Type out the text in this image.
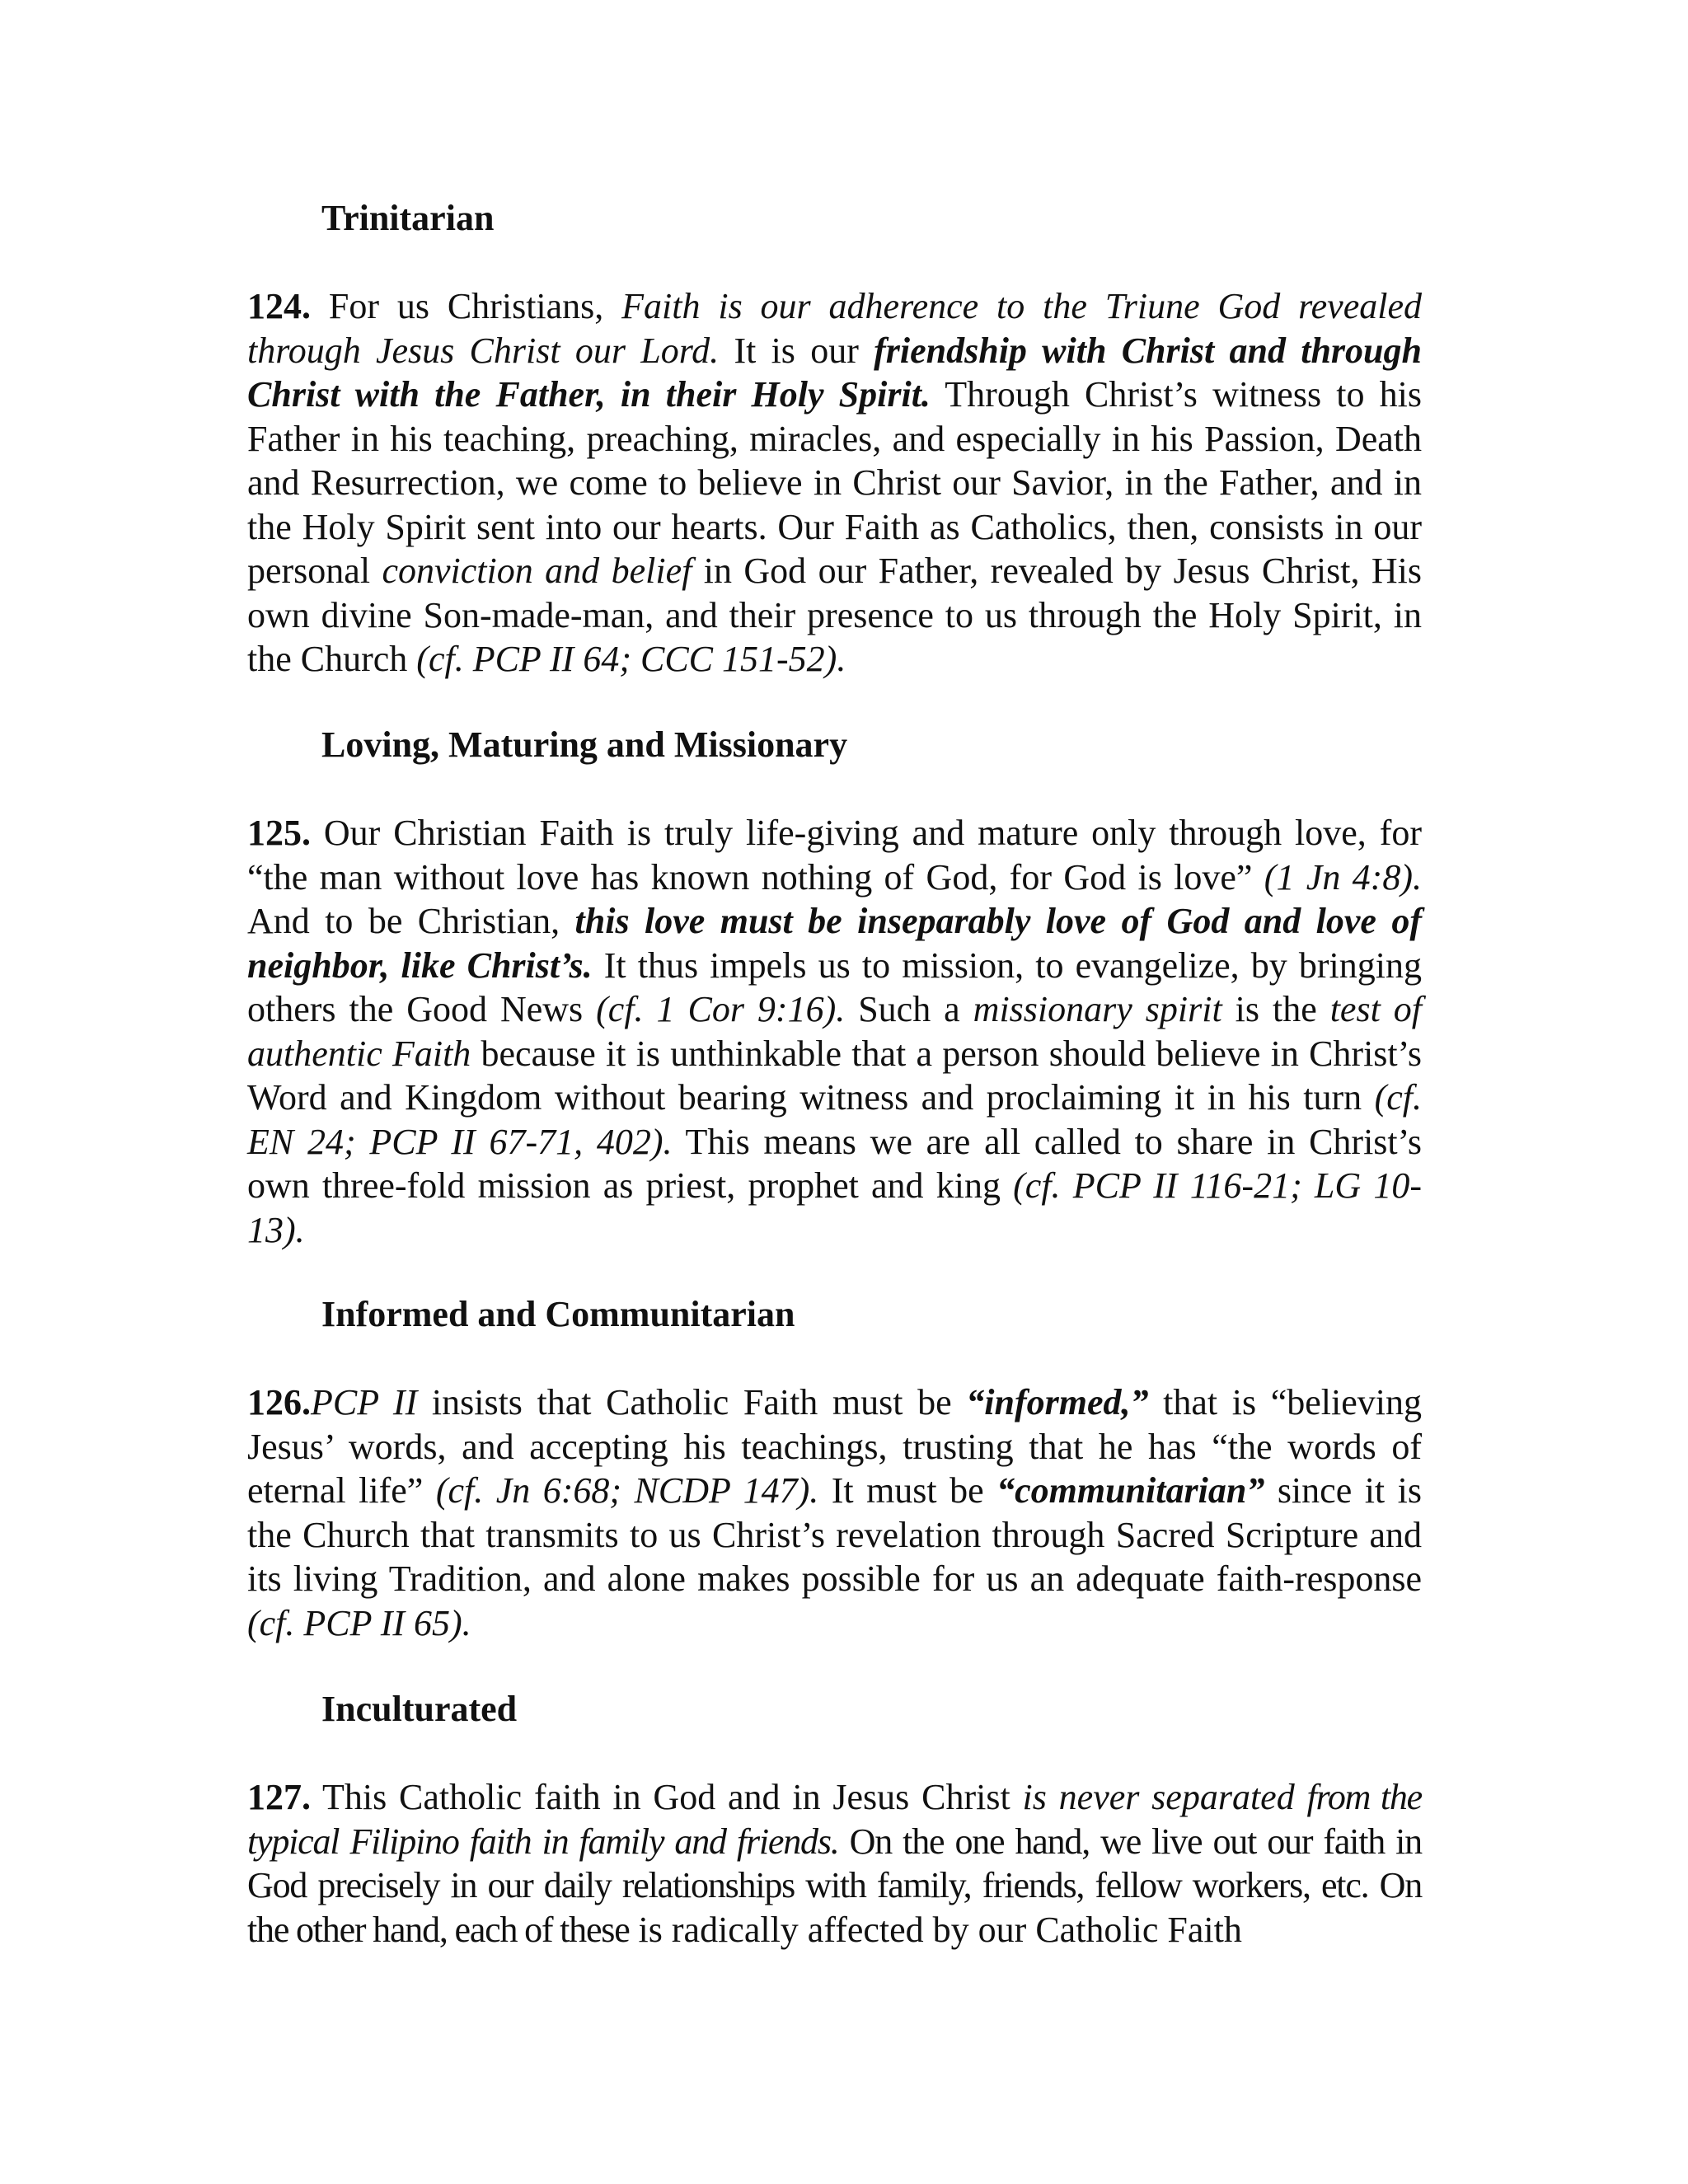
Trinitarian

124. For us Christians, Faith is our adherence to the Triune God revealed through Jesus Christ our Lord. It is our friendship with Christ and through Christ with the Father, in their Holy Spirit. Through Christ’s witness to his Father in his teaching, preaching, miracles, and especially in his Passion, Death and Resurrection, we come to believe in Christ our Savior, in the Father, and in the Holy Spirit sent into our hearts. Our Faith as Catholics, then, consists in our personal conviction and belief in God our Father, revealed by Jesus Christ, His own divine Son-made-man, and their presence to us through the Holy Spirit, in the Church (cf. PCP II 64; CCC 151-52).

Loving, Maturing and Missionary

125. Our Christian Faith is truly life-giving and mature only through love, for “the man without love has known nothing of God, for God is love” (1 Jn 4:8). And to be Christian, this love must be inseparably love of God and love of neighbor, like Christ’s. It thus impels us to mission, to evangelize, by bringing others the Good News (cf. 1 Cor 9:16). Such a missionary spirit is the test of authentic Faith because it is unthinkable that a person should believe in Christ’s Word and Kingdom without bearing witness and proclaiming it in his turn (cf. EN 24; PCP II 67-71, 402). This means we are all called to share in Christ’s own three-fold mission as priest, prophet and king (cf. PCP II 116-21; LG 10-13).

Informed and Communitarian

126.PCP II insists that Catholic Faith must be “informed,” that is “believing Jesus’ words, and accepting his teachings, trusting that he has “the words of eternal life” (cf. Jn 6:68; NCDP 147). It must be “communitarian” since it is the Church that transmits to us Christ’s revelation through Sacred Scripture and its living Tradition, and alone makes possible for us an adequate faith-response (cf. PCP II 65).

Inculturated

127. This Catholic faith in God and in Jesus Christ is never separated from the typical Filipino faith in family and friends. On the one hand, we live out our faith in God precisely in our daily relationships with family, friends, fellow workers, etc. On the other hand, each of these is radically affected by our Catholic Faith
